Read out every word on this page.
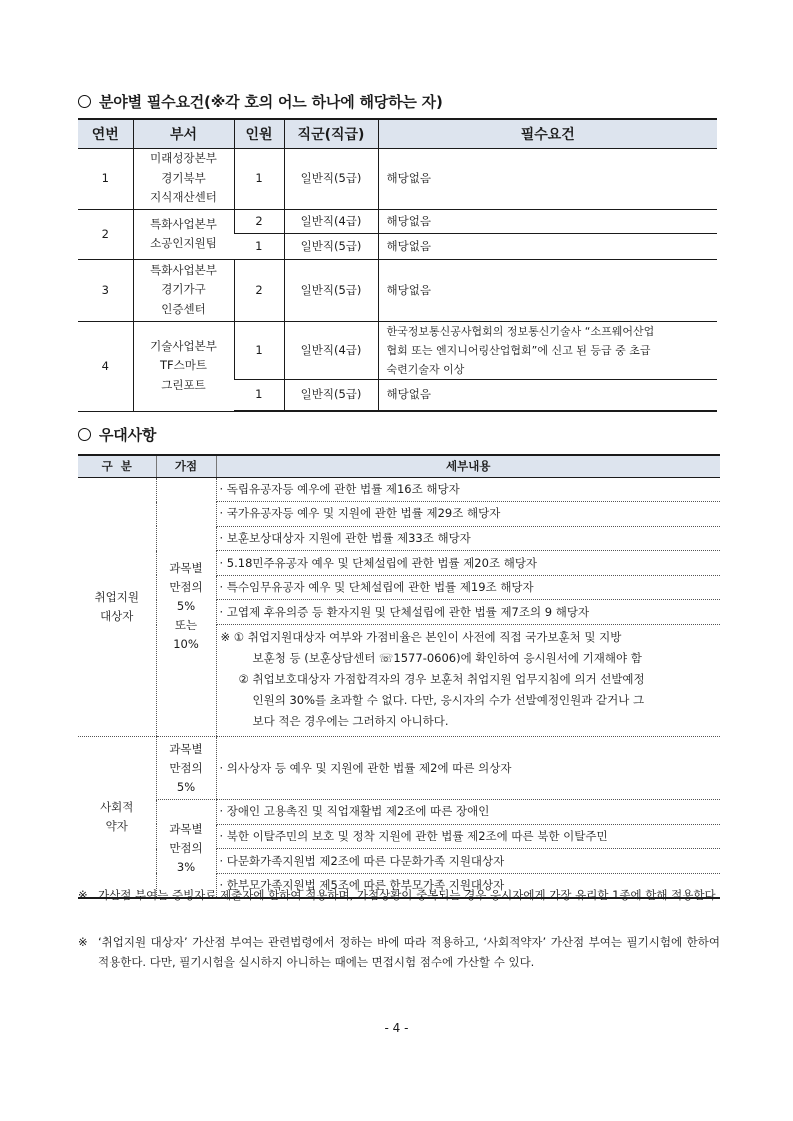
분야별 필수요건(※각 호의 어느 하나에 해당하는 자)
연번	부서	인원	직군(직급)	필수요건
1	미래성장본부
경기북부
지식재산센터	1	일반직(5급)	해당없음
2	특화사업본부
소공인지원팀	2	일반직(4급)	해당없음
		1	일반직(5급)	해당없음
3	특화사업본부
경기가구
인증센터	2	일반직(5급)	해당없음
4	기술사업본부
TF스마트
그린포트	1	일반직(4급)	한국정보통신공사협회의 정보통신기술사 “소프웨어산업
협회 또는 엔지니어링산업협회”에 신고 된 등급 중 초급
숙련기술자 이상

		1	일반직(5급)	해당없음
우대사항
구  분	가점	세부내용

취업지원
대상자	과목별
만점의
5%
또는
10%	· 독립유공자등 예우에 관한 법률 제16조 해당자
		· 국가유공자등 예우 및 지원에 관한 법률 제29조 해당자
		· 보훈보상대상자 지원에 관한 법률 제33조 해당자
		· 5.18민주유공자 예우 및 단체설립에 관한 법률 제20조 해당자
		· 특수임무유공자 예우 및 단체설립에 관한 법률 제19조 해당자
		· 고엽제 후유의증 등 환자지원 및 단체설립에 관한 법률 제7조의 9 해당자

		※ ① 취업지원대상자 여부와 가점비율은 본인이 사전에 직접 국가보훈처 및 지방
보훈청 등 (보훈상담센터 ☏1577-0606)에 확인하여 응시원서에 기재해야 함
② 취업보호대상자 가점합격자의 경우 보훈처 취업지원 업무지침에 의거 선발예정
인원의 30%를 초과할 수 없다. 다만, 응시자의 수가 선발예정인원과 같거나 그
보다 적은 경우에는 그러하지 아니하다.

사회적
약자	과목별
만점의
5%	· 의사상자 등 예우 및 지원에 관한 법률 제2에 따른 의상자

	과목별
만점의
3%	· 장애인 고용촉진 및 직업재활법 제2조에 따른 장애인
		· 북한 이탈주민의 보호 및 정착 지원에 관한 법률 제2조에 따른 북한 이탈주민
		· 다문화가족지원법 제2조에 따른 다문화가족 지원대상자
		· 한부모가족지원법 제5조에 따른 한부모가족 지원대상자
※ 가산점 부여는 증빙자료 제출자에 한하여 적용하며, 가점상황이 중복되는 경우 응시자에게 가장 유리한 1종에 한해 적용한다.
※ ‘취업지원 대상자’ 가산점 부여는 관련법령에서 정하는 바에 따라 적용하고, ‘사회적약자’ 가산점 부여는 필기시험에 한하여 적용한다. 다만, 필기시험을 실시하지 아니하는 때에는 면접시험 점수에 가산할 수 있다.
- 4 -
